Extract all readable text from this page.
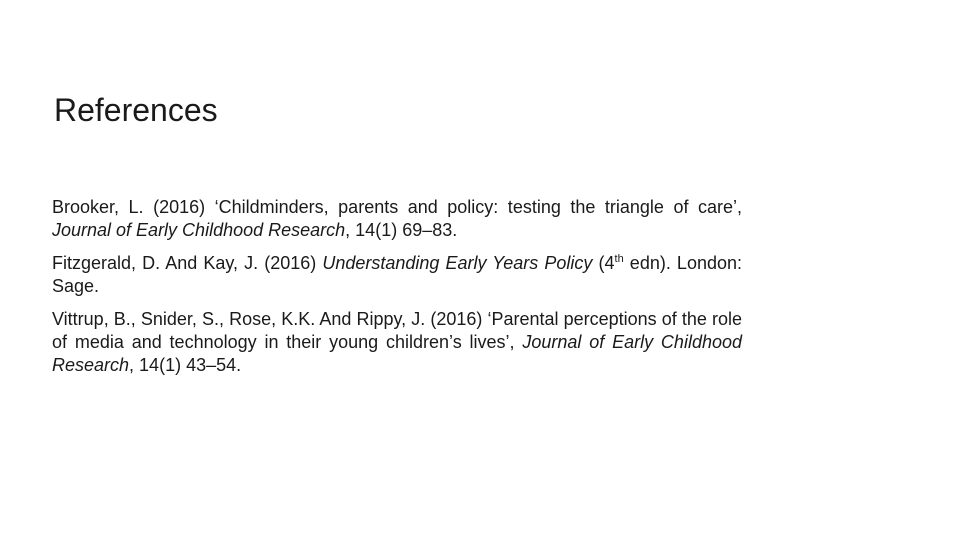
References

Brooker, L. (2016) ‘Childminders, parents and policy: testing the triangle of care’, Journal of Early Childhood Research, 14(1) 69–83.

Fitzgerald, D. And Kay, J. (2016) Understanding Early Years Policy (4th edn). London: Sage.

Vittrup, B., Snider, S., Rose, K.K. And Rippy, J. (2016) ‘Parental perceptions of the role of media and technology in their young children’s lives’, Journal of Early Childhood Research, 14(1) 43–54.
